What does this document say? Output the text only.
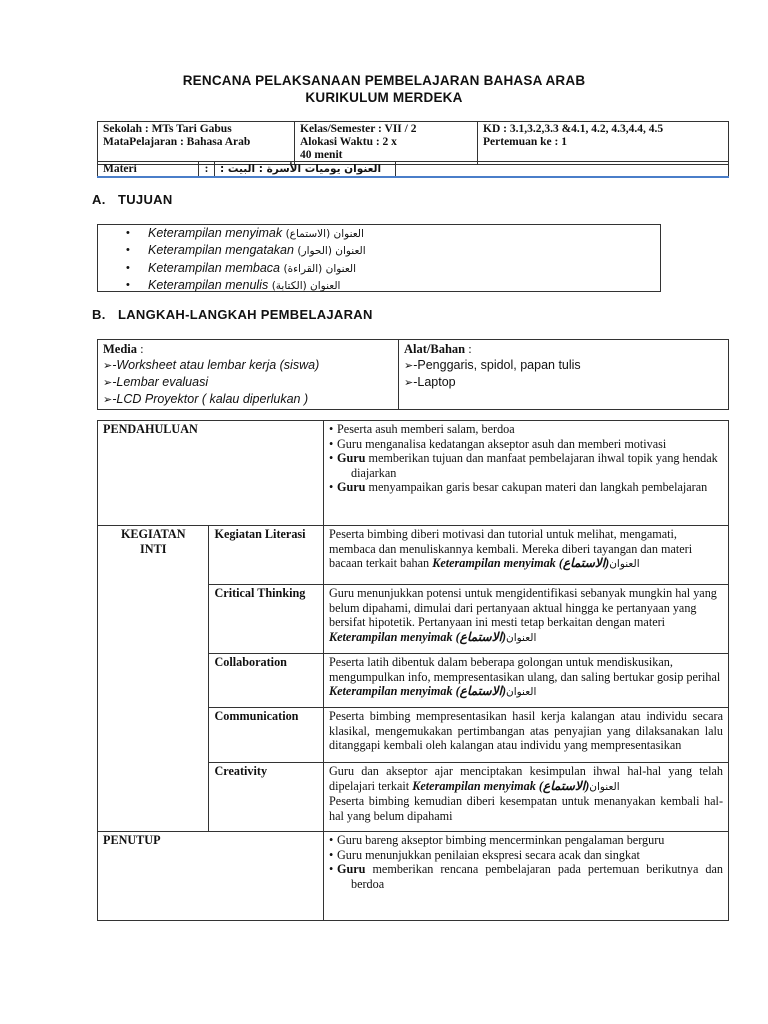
RENCANA PELAKSANAAN PEMBELAJARAN BAHASA ARAB
KURIKULUM MERDEKA
Sekolah : MTs Tari Gabus
MataPelajaran : Bahasa Arab

Kelas/Semester : VII / 2
Alokasi Waktu : 2 x
40 menit

KD : 3.1,3.2,3.3 &4.1, 4.2, 4.3,4.4, 4.5
Pertemuan ke : 1
Materi	:	العنوان يوميات الأسرة : البيت :	
A. TUJUAN
• Keterampilan menyimak العنوان (الاستماع)
• Keterampilan mengatakan العنوان (الحوار)
• Keterampilan membaca العنوان (القراءة)
• Keterampilan menulis العنوان (الكتابة)
B. LANGKAH-LANGKAH PEMBELAJARAN
Media :
➢-Worksheet atau lembar kerja (siswa)
➢-Lembar evaluasi
➢-LCD Proyektor ( kalau diperlukan )

Alat/Bahan :
➢-Penggaris, spidol, papan tulis
➢-Laptop
PENDAHULUAN		• Peserta asuh memberi salam, berdoa
• Guru menganalisa kedatangan akseptor asuh dan memberi motivasi
• Guru memberikan tujuan dan manfaat pembelajaran ihwal topik yang hendak diajarkan
• Guru menyampaikan garis besar cakupan materi dan langkah pembelajaran

KEGIATAN
INTI	Kegiatan Literasi	Peserta bimbing diberi motivasi dan tutorial untuk melihat, mengamati, membaca dan menuliskannya kembali. Mereka diberi tayangan dan materi bacaan terkait bahan Keterampilan menyimak (الاستماع) العنوان
	Critical Thinking	Guru menunjukkan potensi untuk mengidentifikasi sebanyak mungkin hal yang belum dipahami, dimulai dari pertanyaan aktual hingga ke pertanyaan yang bersifat hipotetik. Pertanyaan ini mesti tetap berkaitan dengan materi Keterampilan menyimak (الاستماع) العنوان
	Collaboration	Peserta latih dibentuk dalam beberapa golongan untuk mendiskusikan, mengumpulkan info, mempresentasikan ulang, dan saling bertukar gosip perihal Keterampilan menyimak (الاستماع) العنوان
	Communication	Peserta bimbing mempresentasikan hasil kerja kalangan atau individu secara klasikal, mengemukakan pertimbangan atas penyajian yang dilaksanakan lalu ditanggapi kembali oleh kalangan atau individu yang mempresentasikan
	Creativity	Guru dan akseptor ajar menciptakan kesimpulan ihwal hal-hal yang telah dipelajari terkait Keterampilan menyimak (الاستماع) العنوان
Peserta bimbing kemudian diberi kesempatan untuk menanyakan kembali hal-hal yang belum dipahami

PENUTUP		• Guru bareng akseptor bimbing mencerminkan pengalaman berguru
• Guru menunjukkan penilaian ekspresi secara acak dan singkat
• Guru memberikan rencana pembelajaran pada pertemuan berikutnya dan berdoa
